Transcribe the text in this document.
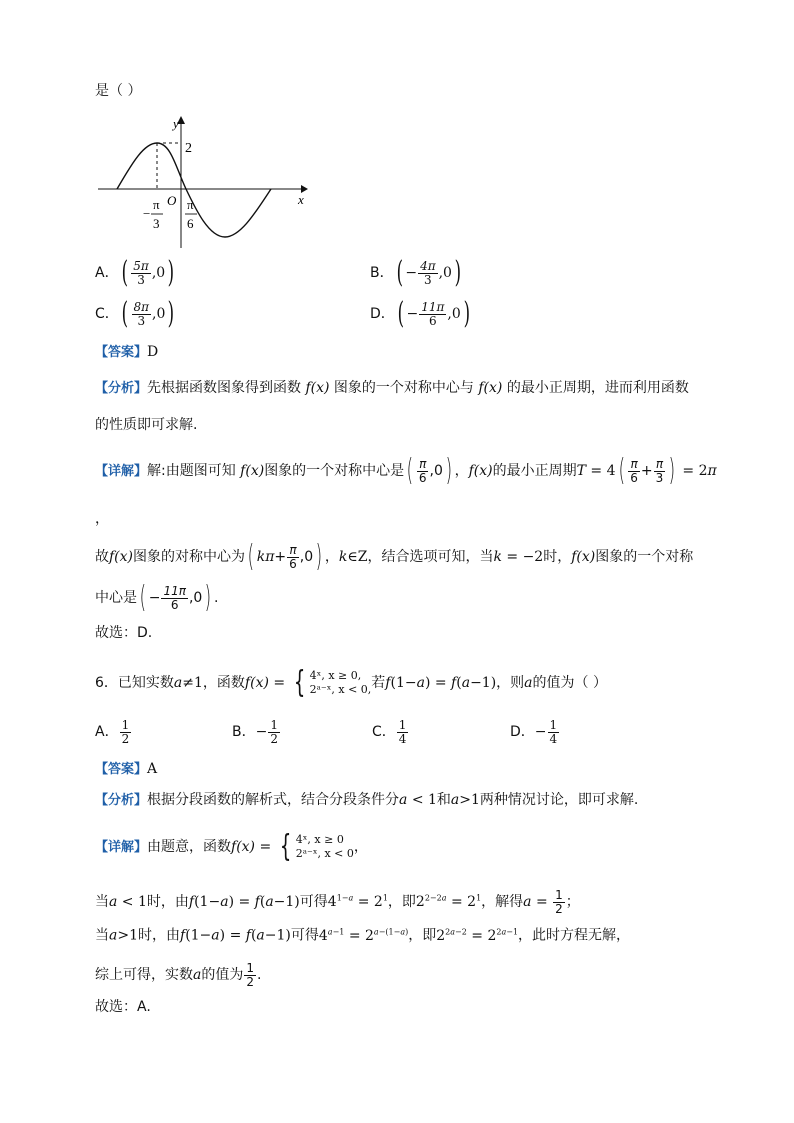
是（ ）
y
x
2
O
−
π
3
π
6
A． ( $\frac{5\pi}{3} ,0$ )	B． ( − $\frac{4\pi}{3} ,0$ )
C． ( $\frac{8\pi}{3} ,0$ )	D． ( − $\frac{11\pi}{6} ,0$ )
【答案】D
【分析】先根据函数图象得到函数 f(x) 图象的一个对称中心与 f(x) 的最小正周期，进而利用函数
的性质即可求解.
【详解】解:由题图可知 f(x)图象的一个对称中心是 ( $\frac{\pi}{6} ,0$ ) ，f(x)的最小正周期T = 4 ( $\frac{\pi}{6} + \frac{\pi}{3}$ ) = 2π
，
故f(x)图象的对称中心为 ( $k\pi + \frac{\pi}{6} ,0$ ) ，k∈Z，结合选项可知，当k = −2时，f(x)图象的一个对称
中心是 ( − $\frac{11\pi}{6} ,0$ ) .
故选：D.
6．已知实数a≠1，函数f(x) = { 4ˣ, x ≥ 0,
2ᵃ⁻ˣ, x < 0, 若f(1−a) = f(a−1)，则a的值为（ ）
A． $\frac{1}{2}$	B．− $\frac{1}{2}$	C． $\frac{1}{4}$	D．− $\frac{1}{4}$
【答案】A
【分析】根据分段函数的解析式，结合分段条件分a < 1和a>1两种情况讨论，即可求解.
【详解】由题意，函数f(x) = { 4ˣ, x ≥ 0
2ᵃ⁻ˣ, x < 0 ，
当a < 1时，由f(1−a) = f(a−1)可得$4^{1-a} = 2^1$，即$2^{2-2a} = 2^1$，解得$a = \frac{1}{2}$ ；
当a>1时，由f(1−a) = f(a−1)可得$4^{a-1} = 2^{a-(1-a)}$，即$2^{2a-2} = 2^{2a-1}$，此时方程无解，
综上可得，实数a的值为 $\frac{1}{2}$ .
故选：A.
